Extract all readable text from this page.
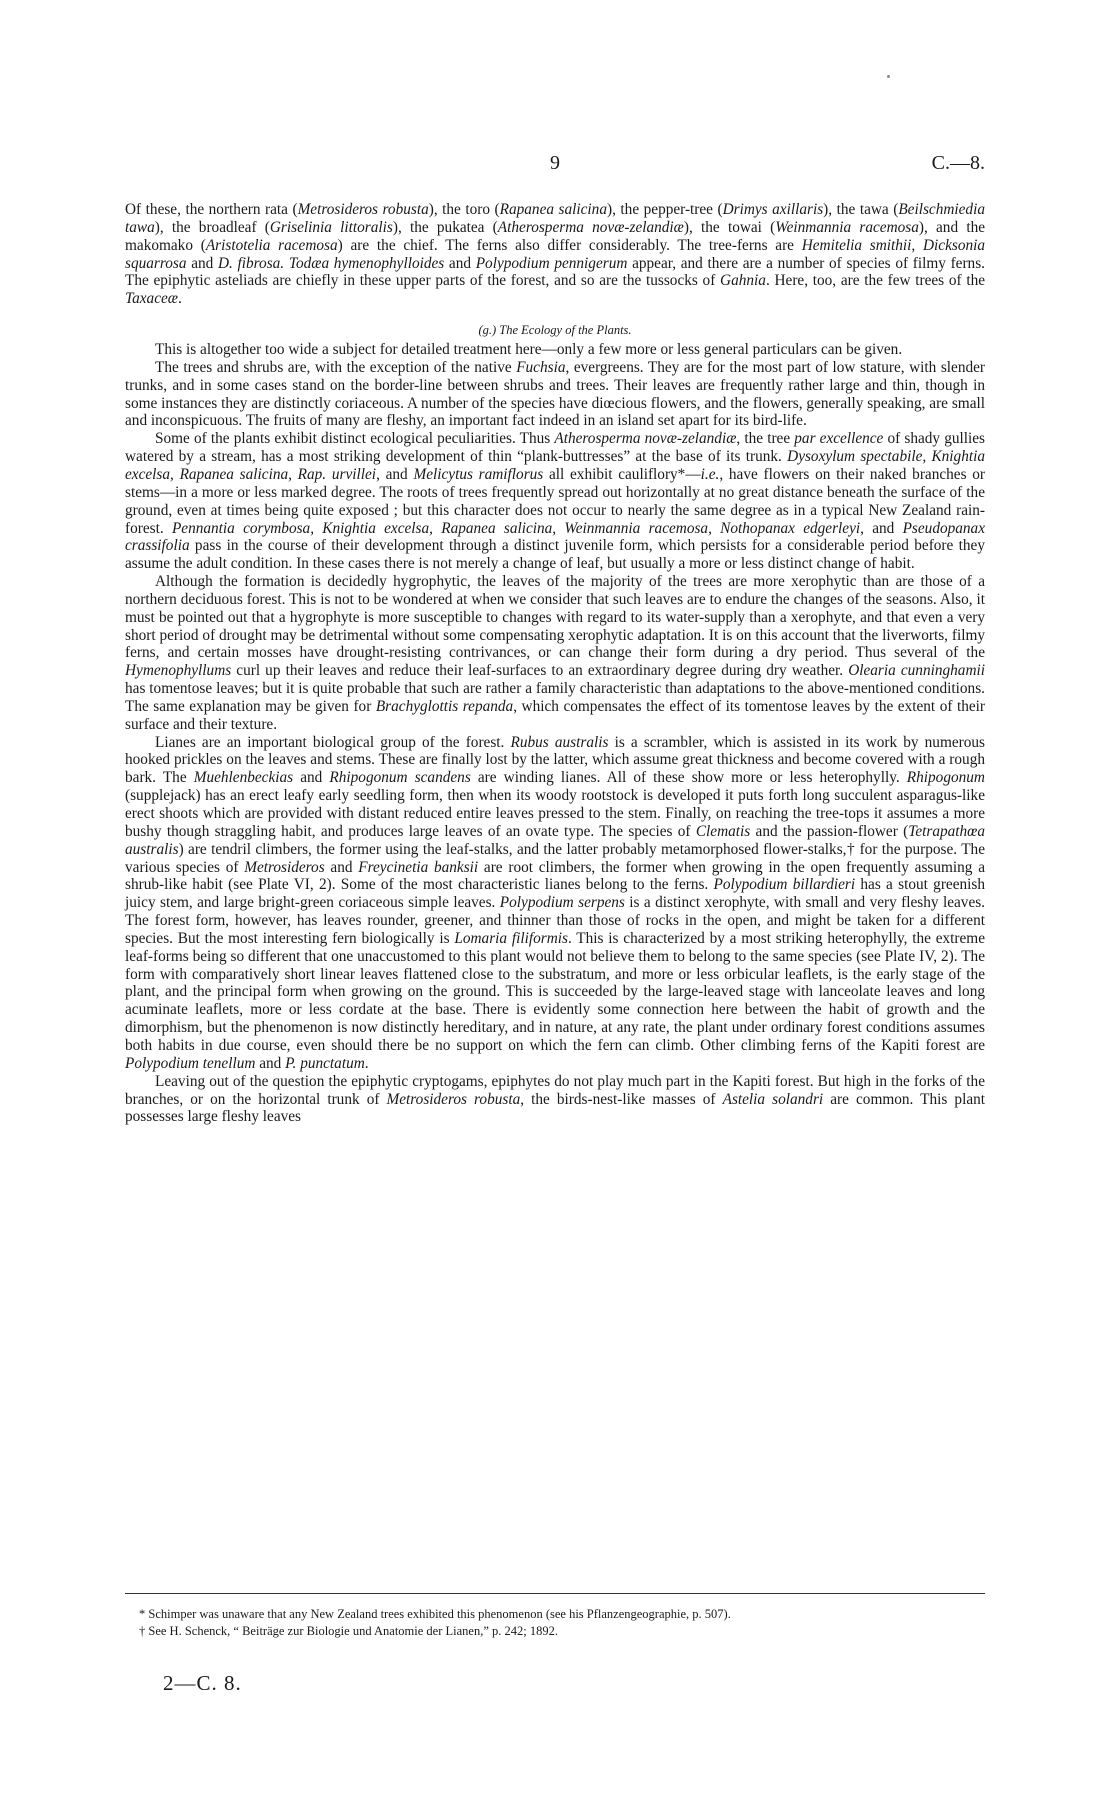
9	C.—8.

Of these, the northern rata (Metrosideros robusta), the toro (Rapanea salicina), the pepper-tree (Drimys axillaris), the tawa (Beilschmiedia tawa), the broadleaf (Griselinia littoralis), the pukatea (Atherosperma novæ-zelandiæ), the towai (Weinmannia racemosa), and the makomako (Aristotelia racemosa) are the chief. The ferns also differ considerably. The tree-ferns are Hemitelia smithii, Dicksonia squarrosa and D. fibrosa. Todæa hymenophylloides and Polypodium pennigerum appear, and there are a number of species of filmy ferns. The epiphytic asteliads are chiefly in these upper parts of the forest, and so are the tussocks of Gahnia. Here, too, are the few trees of the Taxaceæ.

(g.) The Ecology of the Plants.

This is altogether too wide a subject for detailed treatment here—only a few more or less general particulars can be given.

The trees and shrubs are, with the exception of the native Fuchsia, evergreens. They are for the most part of low stature, with slender trunks, and in some cases stand on the border-line between shrubs and trees. Their leaves are frequently rather large and thin, though in some instances they are distinctly coriaceous. A number of the species have diœcious flowers, and the flowers, generally speaking, are small and inconspicuous. The fruits of many are fleshy, an important fact indeed in an island set apart for its bird-life.

Some of the plants exhibit distinct ecological peculiarities. Thus Atherosperma novæ-zelandiæ, the tree par excellence of shady gullies watered by a stream, has a most striking development of thin “plank-buttresses” at the base of its trunk. Dysoxylum spectabile, Knightia excelsa, Rapanea salicina, Rap. urvillei, and Melicytus ramiflorus all exhibit cauliflory*—i.e., have flowers on their naked branches or stems—in a more or less marked degree. The roots of trees frequently spread out horizontally at no great distance beneath the surface of the ground, even at times being quite exposed ; but this character does not occur to nearly the same degree as in a typical New Zealand rain-forest. Pennantia corymbosa, Knightia excelsa, Rapanea salicina, Weinmannia racemosa, Nothopanax edgerleyi, and Pseudopanax crassifolia pass in the course of their development through a distinct juvenile form, which persists for a considerable period before they assume the adult condition. In these cases there is not merely a change of leaf, but usually a more or less distinct change of habit.

Although the formation is decidedly hygrophytic, the leaves of the majority of the trees are more xerophytic than are those of a northern deciduous forest. This is not to be wondered at when we consider that such leaves are to endure the changes of the seasons. Also, it must be pointed out that a hygrophyte is more susceptible to changes with regard to its water-supply than a xerophyte, and that even a very short period of drought may be detrimental without some compensating xerophytic adaptation. It is on this account that the liverworts, filmy ferns, and certain mosses have drought-resisting contrivances, or can change their form during a dry period. Thus several of the Hymenophyllums curl up their leaves and reduce their leaf-surfaces to an extraordinary degree during dry weather. Olearia cunninghamii has tomentose leaves; but it is quite probable that such are rather a family characteristic than adaptations to the above-mentioned conditions. The same explanation may be given for Brachyglottis repanda, which compensates the effect of its tomentose leaves by the extent of their surface and their texture.

Lianes are an important biological group of the forest. Rubus australis is a scrambler, which is assisted in its work by numerous hooked prickles on the leaves and stems. These are finally lost by the latter, which assume great thickness and become covered with a rough bark. The Muehlenbeckias and Rhipogonum scandens are winding lianes. All of these show more or less heterophylly. Rhipogonum (supplejack) has an erect leafy early seedling form, then when its woody rootstock is developed it puts forth long succulent asparagus-like erect shoots which are provided with distant reduced entire leaves pressed to the stem. Finally, on reaching the tree-tops it assumes a more bushy though straggling habit, and produces large leaves of an ovate type. The species of Clematis and the passion-flower (Tetrapathœa australis) are tendril climbers, the former using the leaf-stalks, and the latter probably metamorphosed flower-stalks,† for the purpose. The various species of Metrosideros and Freycinetia banksii are root climbers, the former when growing in the open frequently assuming a shrub-like habit (see Plate VI, 2). Some of the most characteristic lianes belong to the ferns. Polypodium billardieri has a stout greenish juicy stem, and large bright-green coriaceous simple leaves. Polypodium serpens is a distinct xerophyte, with small and very fleshy leaves. The forest form, however, has leaves rounder, greener, and thinner than those of rocks in the open, and might be taken for a different species. But the most interesting fern biologically is Lomaria filiformis. This is characterized by a most striking heterophylly, the extreme leaf-forms being so different that one unaccustomed to this plant would not believe them to belong to the same species (see Plate IV, 2). The form with comparatively short linear leaves flattened close to the substratum, and more or less orbicular leaflets, is the early stage of the plant, and the principal form when growing on the ground. This is succeeded by the large-leaved stage with lanceolate leaves and long acuminate leaflets, more or less cordate at the base. There is evidently some connection here between the habit of growth and the dimorphism, but the phenomenon is now distinctly hereditary, and in nature, at any rate, the plant under ordinary forest conditions assumes both habits in due course, even should there be no support on which the fern can climb. Other climbing ferns of the Kapiti forest are Polypodium tenellum and P. punctatum.

Leaving out of the question the epiphytic cryptogams, epiphytes do not play much part in the Kapiti forest. But high in the forks of the branches, or on the horizontal trunk of Metrosideros robusta, the birds-nest-like masses of Astelia solandri are common. This plant possesses large fleshy leaves

* Schimper was unaware that any New Zealand trees exhibited this phenomenon (see his Pflanzengeographie, p. 507).

† See H. Schenck, “ Beiträge zur Biologie und Anatomie der Lianen,” p. 242; 1892.

2—C. 8.
